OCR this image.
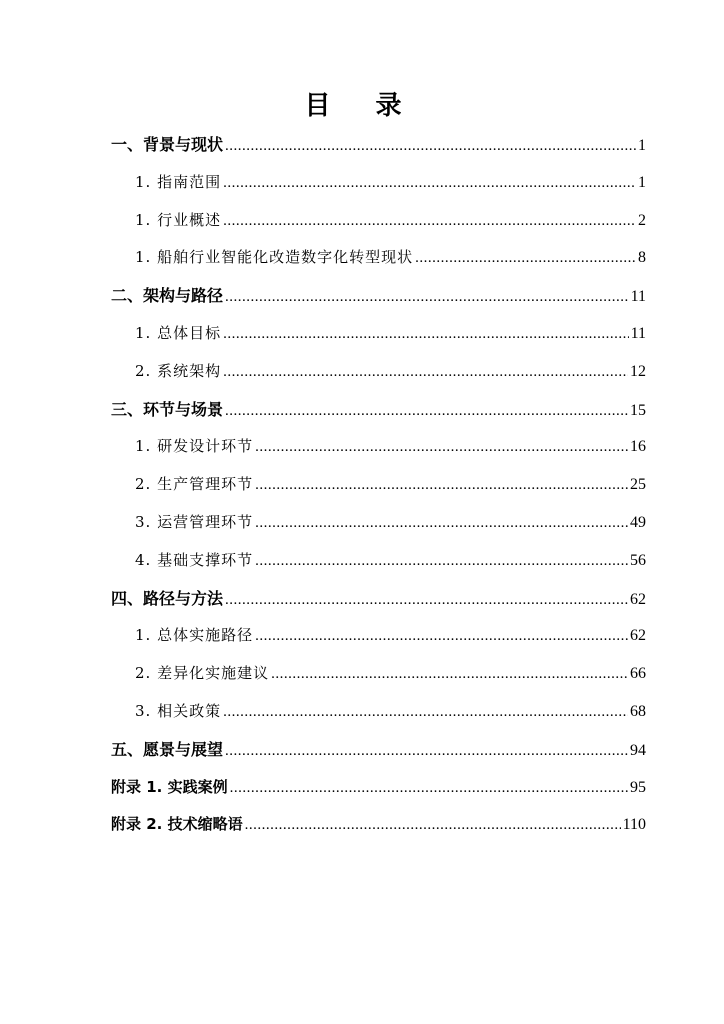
目 录
一、背景与现状 .....	1
1. 指南范围 .....	1
1. 行业概述 .....	2
1. 船舶行业智能化改造数字化转型现状 .....	8
二、架构与路径 .....	11
1. 总体目标 .....	11
2. 系统架构 .....	12
三、环节与场景 .....	15
1. 研发设计环节 .....	16
2. 生产管理环节 .....	25
3. 运营管理环节 .....	49
4. 基础支撑环节 .....	56
四、路径与方法 .....	62
1. 总体实施路径 .....	62
2. 差异化实施建议 .....	66
3. 相关政策 .....	68
五、愿景与展望 .....	94
附录 1. 实践案例 .....	95
附录 2. 技术缩略语 .....	110
